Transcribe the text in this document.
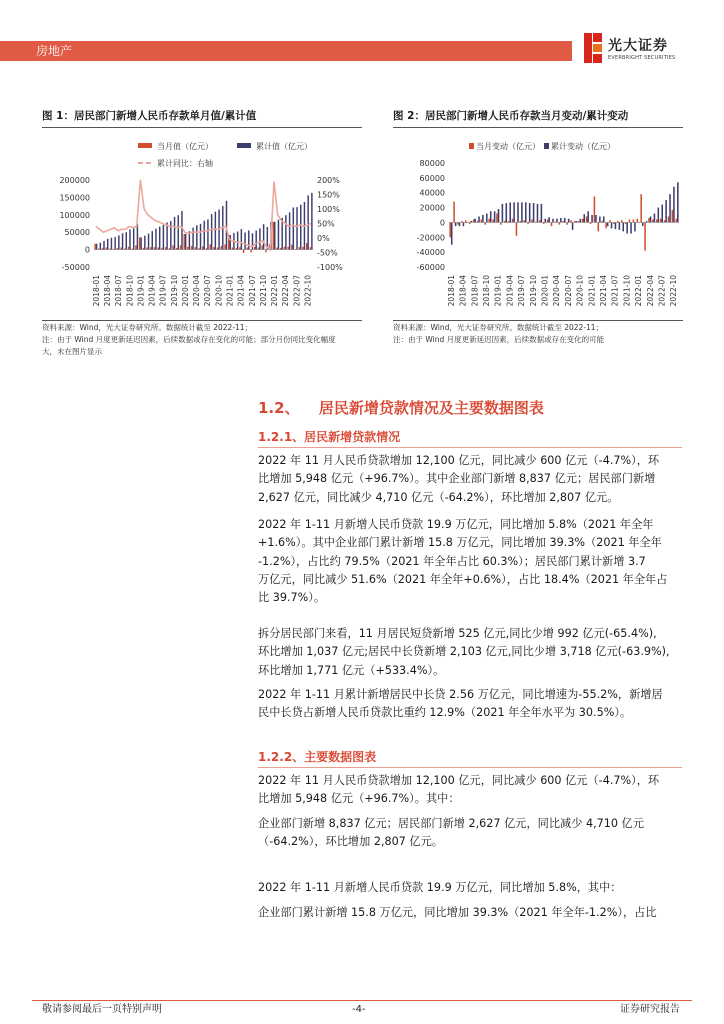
房地产	光大证券
EVERBRIGHT SECURITIES
图 1：居民部门新增人民币存款单月值/累计值
当月值（亿元）	累计值（亿元）
累计同比：右轴
200000
150000
100000
50000
0
-50000
200%
150%
100%
50%
0%
-50%
-100%
2018-01 2018-04 2018-07 2018-10 2019-01 2019-04 2019-07 2019-10 2020-01 2020-04 2020-07 2020-10 2021-01 2021-04 2021-07 2021-10 2022-01 2022-04 2022-07 2022-10
资料来源：Wind，光大证券研究所。数据统计截至 2022-11；
注：由于 Wind 月度更新延迟因素，后续数据或存在变化的可能；部分月份同比变化幅度
大，未在图片显示
图 2：居民部门新增人民币存款当月变动/累计变动
当月变动（亿元） 累计变动（亿元）
80000
60000
40000
20000
0
-20000
-40000
-60000
2018-01 2018-04 2018-07 2018-10 2019-01 2019-04 2019-07 2019-10 2020-01 2020-04 2020-07 2020-10 2021-01 2021-04 2021-07 2021-10 2022-01 2022-04 2022-07 2022-10
资料来源：Wind，光大证券研究所。数据统计截至 2022-11；
注：由于 Wind 月度更新延迟因素，后续数据或存在变化的可能
1.2、 居民新增贷款情况及主要数据图表
1.2.1、居民新增贷款情况
2022 年 11 月人民币贷款增加 12,100 亿元，同比减少 600 亿元（-4.7%），环
比增加 5,948 亿元（+96.7%）。其中企业部门新增 8,837 亿元；居民部门新增
2,627 亿元，同比减少 4,710 亿元（-64.2%），环比增加 2,807 亿元。
2022 年 1-11 月新增人民币贷款 19.9 万亿元，同比增加 5.8%（2021 年全年
+1.6%）。其中企业部门累计新增 15.8 万亿元，同比增加 39.3%（2021 年全年
-1.2%），占比约 79.5%（2021 年全年占比 60.3%）；居民部门累计新增 3.7
万亿元，同比减少 51.6%（2021 年全年+0.6%），占比 18.4%（2021 年全年占
比 39.7%）。
拆分居民部门来看，11 月居民短贷新增 525 亿元,同比少增 992 亿元(-65.4%),
环比增加 1,037 亿元;居民中长贷新增 2,103 亿元,同比少增 3,718 亿元(-63.9%),
环比增加 1,771 亿元（+533.4%）。
2022 年 1-11 月累计新增居民中长贷 2.56 万亿元，同比增速为-55.2%，新增居
民中长贷占新增人民币贷款比重约 12.9%（2021 年全年水平为 30.5%）。
1.2.2、主要数据图表
2022 年 11 月人民币贷款增加 12,100 亿元，同比减少 600 亿元（-4.7%），环
比增加 5,948 亿元（+96.7%）。其中：
企业部门新增 8,837 亿元；居民部门新增 2,627 亿元，同比减少 4,710 亿元
（-64.2%），环比增加 2,807 亿元。
2022 年 1-11 月新增人民币贷款 19.9 万亿元，同比增加 5.8%，其中：
企业部门累计新增 15.8 万亿元，同比增加 39.3%（2021 年全年-1.2%），占比
敬请参阅最后一页特别声明	-4-	证券研究报告
